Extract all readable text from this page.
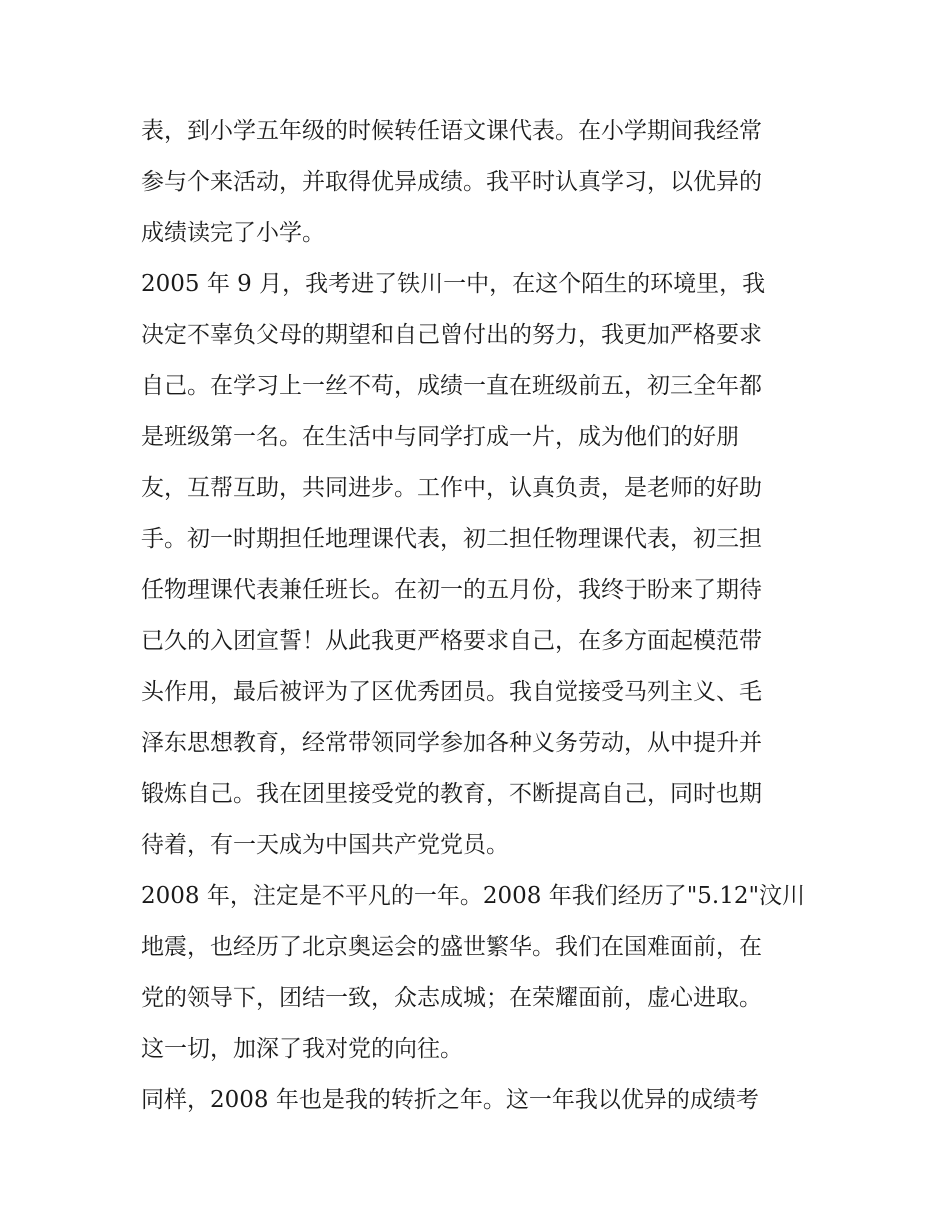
表，到小学五年级的时候转任语文课代表。在小学期间我经常
参与个来活动，并取得优异成绩。我平时认真学习，以优异的
成绩读完了小学。
2005 年 9 月，我考进了铁川一中，在这个陌生的环境里，我
决定不辜负父母的期望和自己曾付出的努力，我更加严格要求
自己。在学习上一丝不苟，成绩一直在班级前五，初三全年都
是班级第一名。在生活中与同学打成一片，成为他们的好朋
友，互帮互助，共同进步。工作中，认真负责，是老师的好助
手。初一时期担任地理课代表，初二担任物理课代表，初三担
任物理课代表兼任班长。在初一的五月份，我终于盼来了期待
已久的入团宣誓！从此我更严格要求自己，在多方面起模范带
头作用，最后被评为了区优秀团员。我自觉接受马列主义、毛
泽东思想教育，经常带领同学参加各种义务劳动，从中提升并
锻炼自己。我在团里接受党的教育，不断提高自己，同时也期
待着，有一天成为中国共产党党员。
2008 年，注定是不平凡的一年。2008 年我们经历了"5.12"汶川
地震，也经历了北京奥运会的盛世繁华。我们在国难面前，在
党的领导下，团结一致，众志成城；在荣耀面前，虚心进取。
这一切，加深了我对党的向往。
同样，2008 年也是我的转折之年。这一年我以优异的成绩考
